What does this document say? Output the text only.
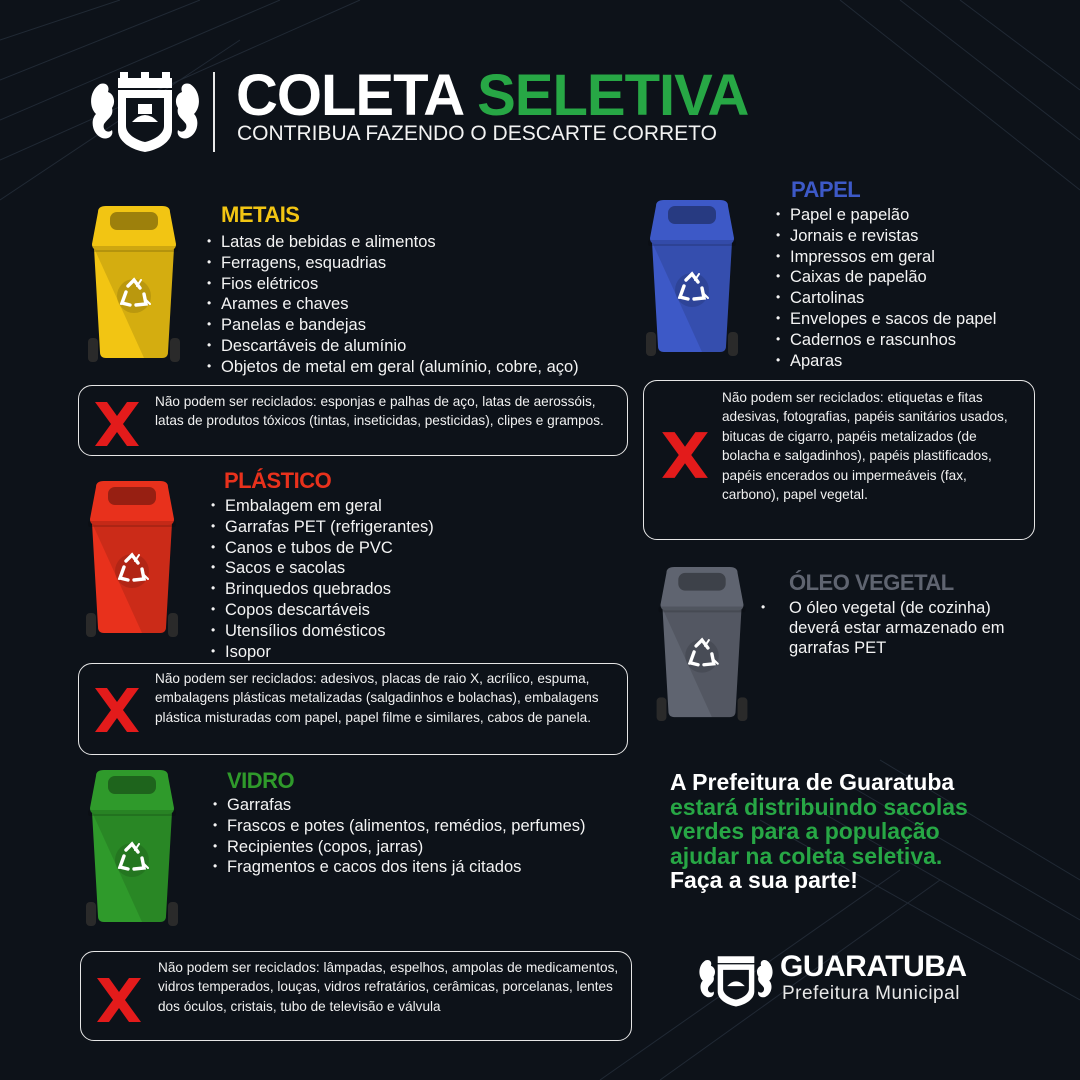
COLETA SELETIVA
CONTRIBUA FAZENDO O DESCARTE CORRETO
METAIS
• Latas de bebidas e alimentos
• Ferragens, esquadrias
• Fios elétricos
• Arames e chaves
• Panelas e bandejas
• Descartáveis de alumínio
• Objetos de metal em geral (alumínio, cobre, aço)
Não podem ser reciclados: esponjas e palhas de aço, latas de aerossóis, latas de produtos tóxicos (tintas, inseticidas, pesticidas), clipes e grampos.
PLÁSTICO
• Embalagem em geral
• Garrafas PET (refrigerantes)
• Canos e tubos de PVC
• Sacos e sacolas
• Brinquedos quebrados
• Copos descartáveis
• Utensílios domésticos
• Isopor
Não podem ser reciclados: adesivos, placas de raio X, acrílico, espuma, embalagens plásticas metalizadas (salgadinhos e bolachas), embalagens plástica misturadas com papel, papel filme e similares, cabos de panela.
VIDRO
• Garrafas
• Frascos e potes (alimentos, remédios, perfumes)
• Recipientes (copos, jarras)
• Fragmentos e cacos dos itens já citados
Não podem ser reciclados: lâmpadas, espelhos, ampolas de medicamentos, vidros temperados, louças, vidros refratários, cerâmicas, porcelanas, lentes dos óculos, cristais, tubo de televisão e válvula
PAPEL
• Papel e papelão
• Jornais e revistas
• Impressos em geral
• Caixas de papelão
• Cartolinas
• Envelopes e sacos de papel
• Cadernos e rascunhos
• Aparas
Não podem ser reciclados: etiquetas e fitas adesivas, fotografias, papéis sanitários usados, bitucas de cigarro, papéis metalizados (de bolacha e salgadinhos), papéis plastificados, papéis encerados ou impermeáveis (fax, carbono), papel vegetal.
ÓLEO VEGETAL
• O óleo vegetal (de cozinha) deverá estar armazenado em garrafas PET
A Prefeitura de Guaratuba
estará distribuindo sacolas
verdes para a população
ajudar na coleta seletiva.
Faça a sua parte!
GUARATUBA
Prefeitura Municipal
